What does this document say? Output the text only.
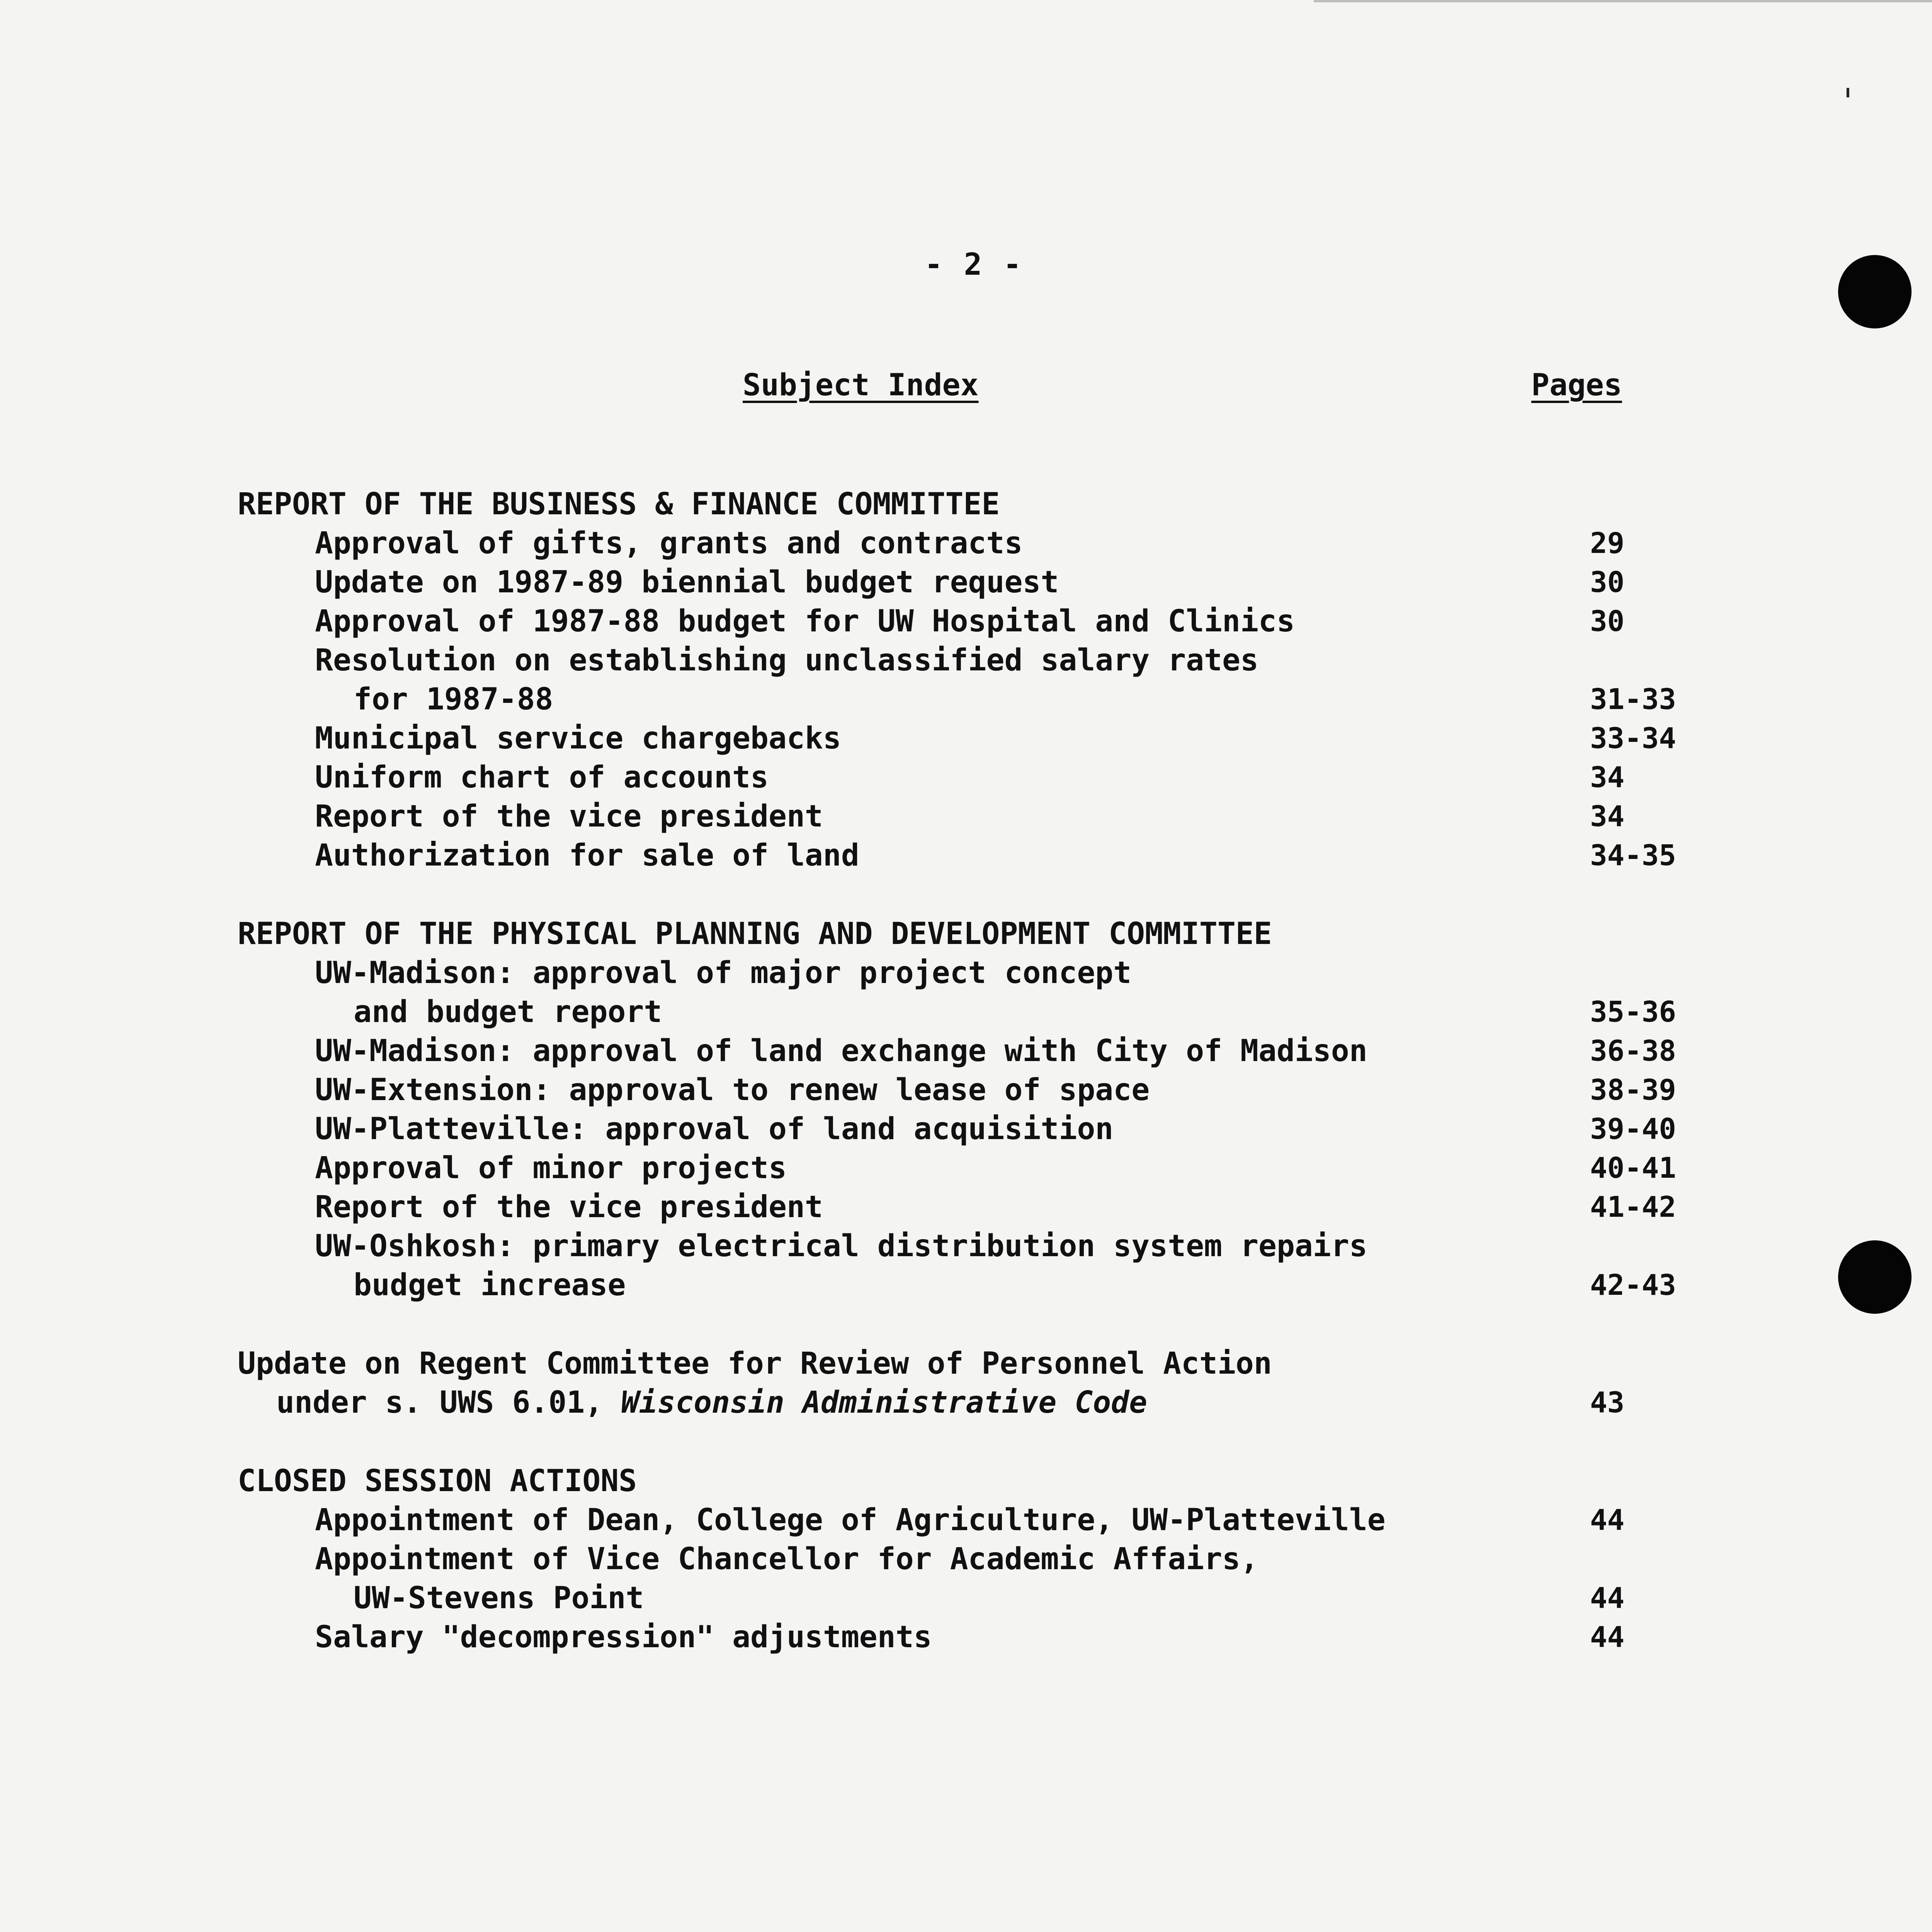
'
- 2 -
Subject Index	Pages
REPORT OF THE BUSINESS & FINANCE COMMITTEE
Approval of gifts, grants and contracts	29
Update on 1987-89 biennial budget request	30
Approval of 1987-88 budget for UW Hospital and Clinics	30
Resolution on establishing unclassified salary rates
for 1987-88	31-33
Municipal service chargebacks	33-34
Uniform chart of accounts	34
Report of the vice president	34
Authorization for sale of land	34-35
REPORT OF THE PHYSICAL PLANNING AND DEVELOPMENT COMMITTEE
UW-Madison: approval of major project concept
and budget report	35-36
UW-Madison: approval of land exchange with City of Madison	36-38
UW-Extension: approval to renew lease of space	38-39
UW-Platteville: approval of land acquisition	39-40
Approval of minor projects	40-41
Report of the vice president	41-42
UW-Oshkosh: primary electrical distribution system repairs
budget increase	42-43
Update on Regent Committee for Review of Personnel Action
under s. UWS 6.01, Wisconsin Administrative Code	43
CLOSED SESSION ACTIONS
Appointment of Dean, College of Agriculture, UW-Platteville	44
Appointment of Vice Chancellor for Academic Affairs,
UW-Stevens Point	44
Salary "decompression" adjustments	44
